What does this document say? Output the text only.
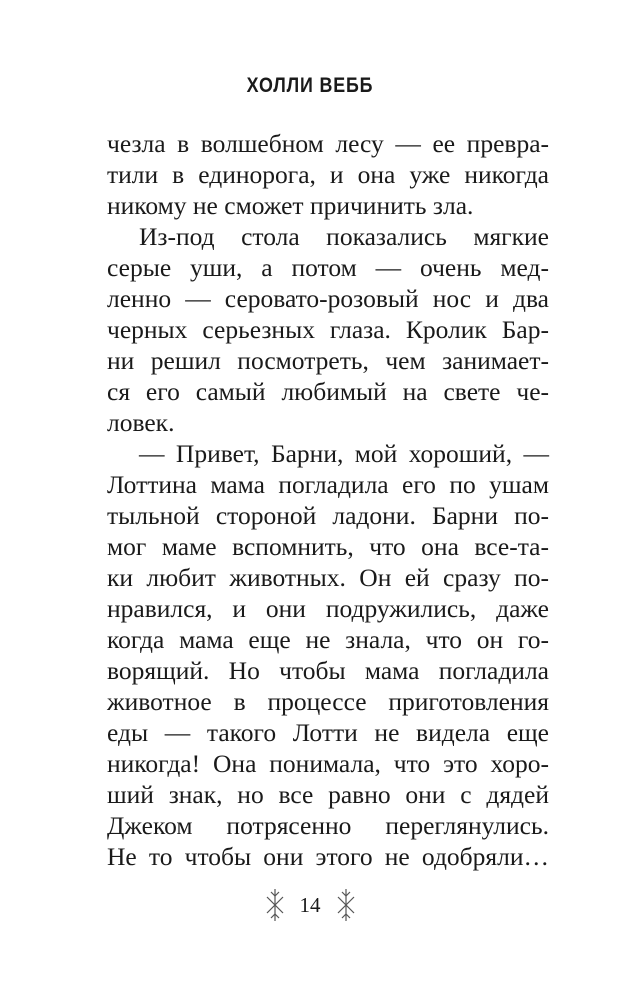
ХОЛЛИ ВЕББ
чезла в волшебном лесу — ее превра-
тили в единорога, и она уже никогда
никому не сможет причинить зла.
Из-под стола показались мягкие
серые уши, а потом — очень мед-
ленно — серовато-розовый нос и два
черных серьезных глаза. Кролик Бар-
ни решил посмотреть, чем занимает-
ся его самый любимый на свете че-
ловек.
— Привет, Барни, мой хороший, —
Лоттина мама погладила его по ушам
тыльной стороной ладони. Барни по-
мог маме вспомнить, что она все-та-
ки любит животных. Он ей сразу по-
нравился, и они подружились, даже
когда мама еще не знала, что он го-
ворящий. Но чтобы мама погладила
животное в процессе приготовления
еды — такого Лотти не видела еще
никогда! Она понимала, что это хоро-
ший знак, но все равно они с дядей
Джеком потрясенно переглянулись.
Не то чтобы они этого не одобряли…
14
